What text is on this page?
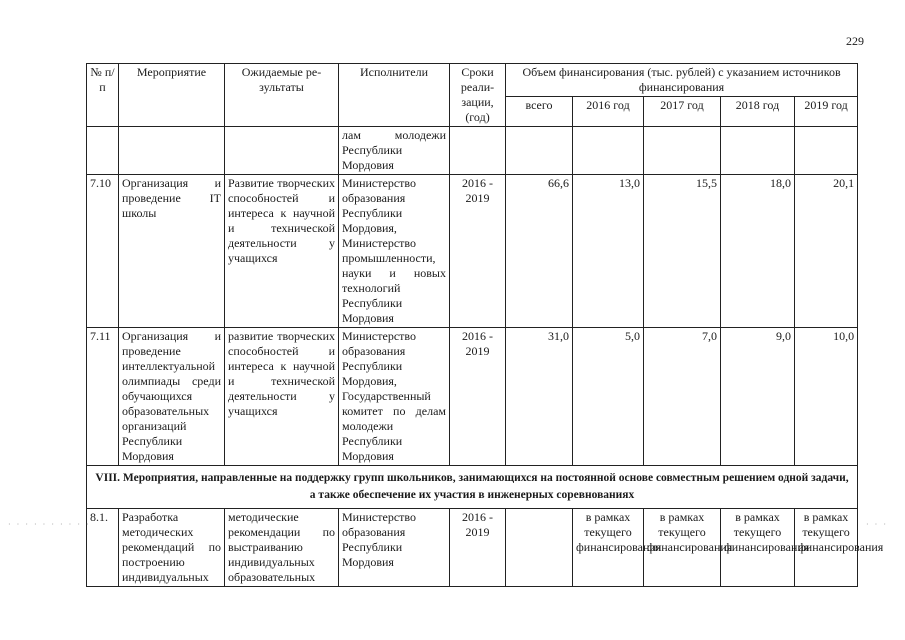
229
№ п/п	Мероприятие	Ожидаемые ре-зультаты	Исполнители	Сроки реали-зации, (год)	Объем финансирования (тыс. рублей) с указанием источников финансирования				
					всего	2016 год	2017 год	2018 год	2019 год
			лам молодежи Республики Мордовия						
7.10	Организация и проведение IT школы	Развитие творческих способностей и интереса к научной и технической деятельности у учащихся	Министерство образования Республики Мордовия, Министерство промышленности, науки и новых технологий Республики Мордовия	2016 - 2019	66,6	13,0	15,5	18,0	20,1
7.11	Организация и проведение интеллектуальной олимпиады среди обучающихся образовательных организаций Республики Мордовия	развитие творческих способностей и интереса к научной и технической деятельности у учащихся	Министерство образования Республики Мордовия, Государственный комитет по делам молодежи Республики Мордовия	2016 - 2019	31,0	5,0	7,0	9,0	10,0
VIII. Мероприятия, направленные на поддержку групп школьников, занимающихся на постоянной основе совместным решением одной задачи, а также обеспечение их участия в инженерных соревнованиях									
8.1.	Разработка методических рекомендаций по построению индивидуальных	методические рекомендации по выстраиванию индивидуальных образовательных	Министерство образования Республики Мордовия	2016 - 2019		в рамках текущего финансирования	в рамках текущего финансирования	в рамках текущего финансирования	в рамках текущего финансирования
· · · · · · · · · ·	· · ·
